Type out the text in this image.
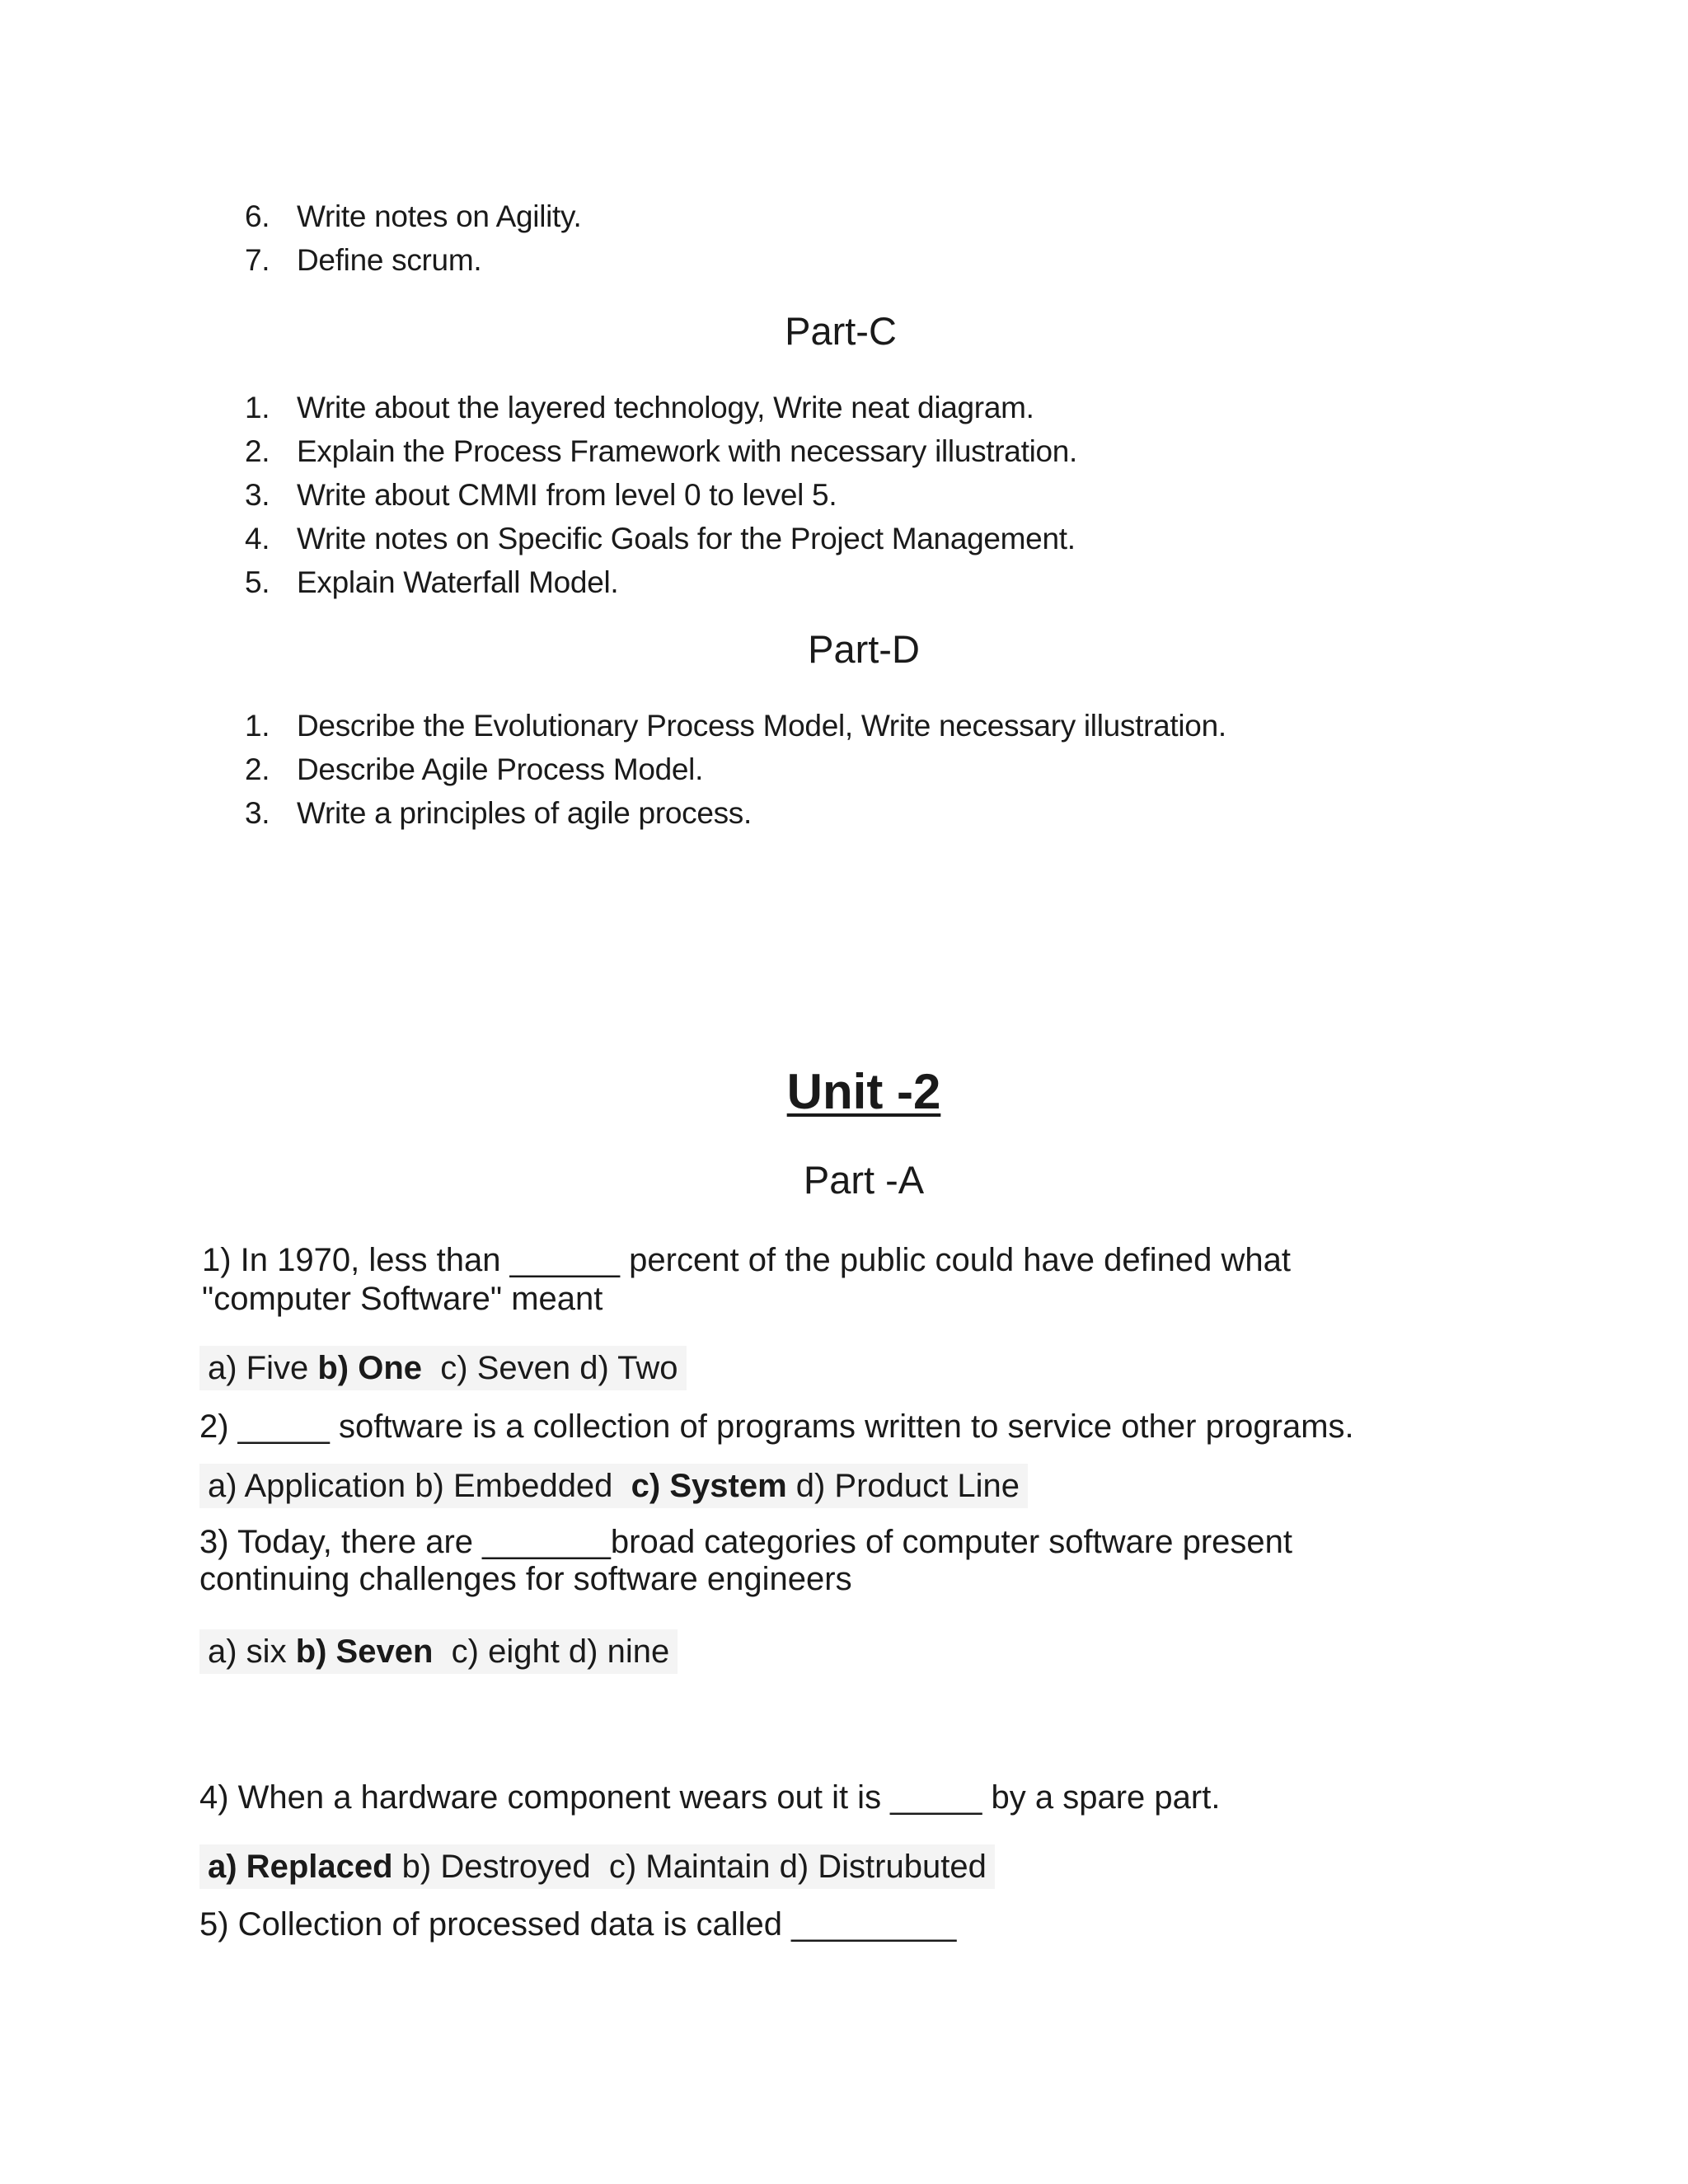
6. Write notes on Agility.
7. Define scrum.
Part-C
1. Write about the layered technology, Write neat diagram.
2. Explain the Process Framework with necessary illustration.
3. Write about CMMI from level 0 to level 5.
4. Write notes on Specific Goals for the Project Management.
5. Explain Waterfall Model.
Part-D
1. Describe the Evolutionary Process Model, Write necessary illustration.
2. Describe Agile Process Model.
3. Write a principles of agile process.
Unit -2
Part -A
1) In 1970, less than ______ percent of the public could have defined what
"computer Software" meant
a) Five b) One  c) Seven d) Two
2) _____ software is a collection of programs written to service other programs.
a) Application b) Embedded  c) System d) Product Line
3) Today, there are _______broad categories of computer software present
continuing challenges for software engineers
a) six b) Seven  c) eight d) nine
4) When a hardware component wears out it is _____ by a spare part.
a) Replaced b) Destroyed  c) Maintain d) Distrubuted
5) Collection of processed data is called _________
